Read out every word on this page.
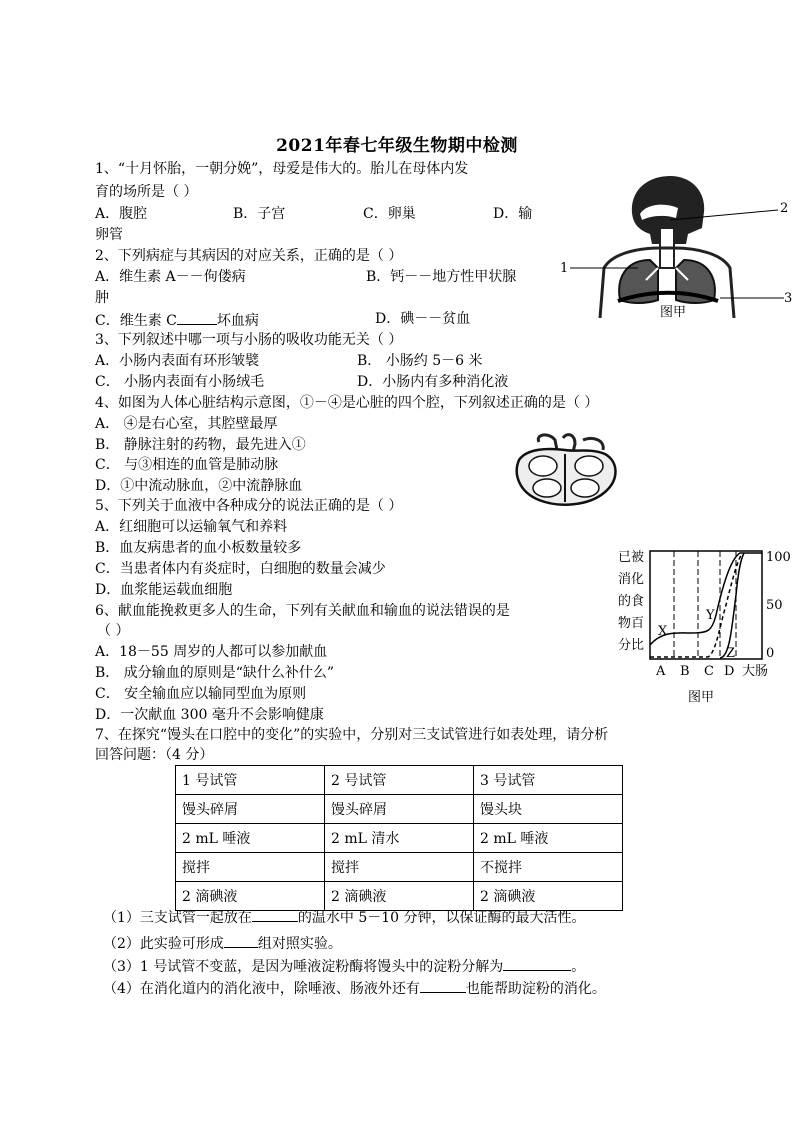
2021年春七年级生物期中检测
1、“十月怀胎，一朝分娩”，母爱是伟大的。胎儿在母体内发
育的场所是（ ）
A．腹腔	B．子宫	C．卵巢	D．输
卵管
2、下列病症与其病因的对应关系，正确的是（ ）
A．维生素 A－－佝偻病	B．钙－－地方性甲状腺
肿
C．维生素 C	坏血病	D．碘－－贫血
3、下列叙述中哪一项与小肠的吸收功能无关（ ）
A．小肠内表面有环形皱襞	B． 小肠约 5－6 米
C． 小肠内表面有小肠绒毛	D．小肠内有多种消化液
4、如图为人体心脏结构示意图，①－④是心脏的四个腔，下列叙述正确的是（ ）
A． ④是右心室，其腔壁最厚
B． 静脉注射的药物，最先进入①
C． 与③相连的血管是肺动脉
D．①中流动脉血，②中流静脉血
5、下列关于血液中各种成分的说法正确的是（ ）
A．红细胞可以运输氧气和养料
B．血友病患者的血小板数量较多
C．当患者体内有炎症时，白细胞的数量会减少
D．血浆能运载血细胞
6、献血能挽救更多人的生命，下列有关献血和输血的说法错误的是
（ ）
A．18－55 周岁的人都可以参加献血
B． 成分输血的原则是“缺什么补什么”
C． 安全输血应以输同型血为原则
D．一次献血 300 毫升不会影响健康
7、在探究“馒头在口腔中的变化”的实验中，分别对三支试管进行如表处理，请分析
回答问题：（4 分）
1 号试管	2 号试管	3 号试管
馒头碎屑	馒头碎屑	馒头块
2 mL 唾液	2 mL 清水	2 mL 唾液
搅拌	搅拌	不搅拌
2 滴碘液	2 滴碘液	2 滴碘液
（1）三支试管一起放在	的温水中 5－10 分钟，以保证酶的最大活性。
（2）此实验可形成 组对照实验。
（3）1 号试管不变蓝，是因为唾液淀粉酶将馒头中的淀粉分解为	。
（4）在消化道内的消化液中，除唾液、肠液外还有	也能帮助淀粉的消化。
2
1
3
图甲
已被
消化
的食
物百
分比
X
Y
Z
100
50
0
A B C D 大肠
图甲
